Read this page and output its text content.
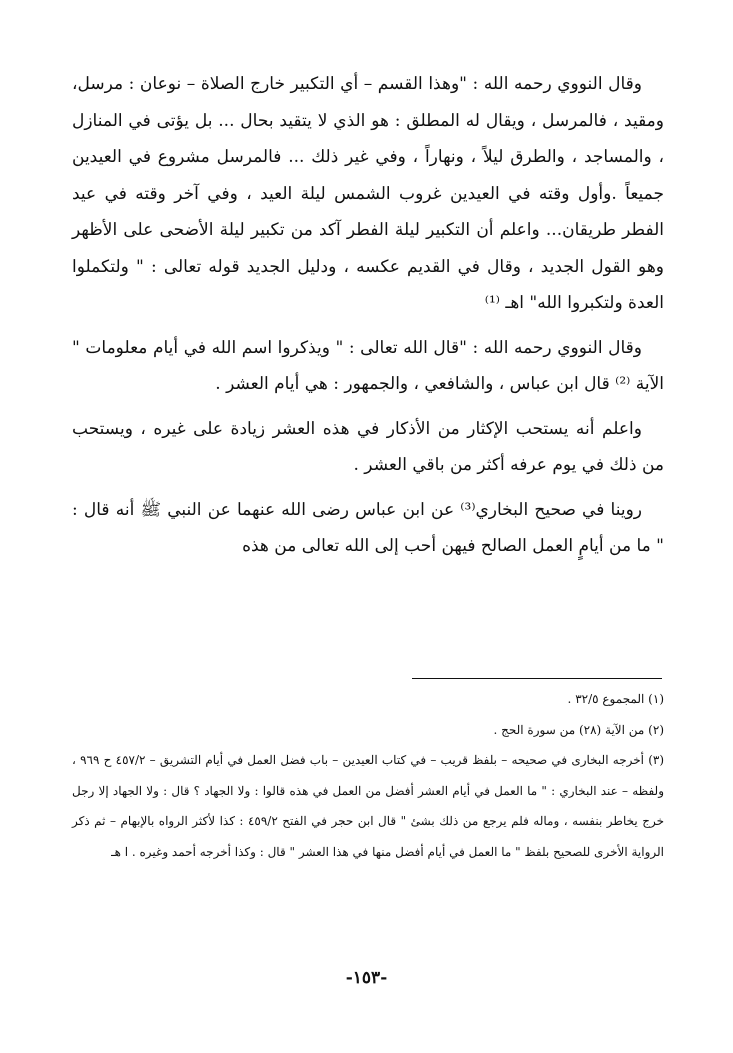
وقال النووي رحمه الله : "وهذا القسم – أي التكبير خارج الصلاة – نوعان : مرسل، ومقيد ، فالمرسل ، ويقال له المطلق : هو الذي لا يتقيد بحال ... بل يؤتى في المنازل ، والمساجد ، والطرق ليلاً ، ونهاراً ، وفي غير ذلك ... فالمرسل مشروع في العيدين جميعاً .وأول وقته في العيدين غروب الشمس ليلة العيد ، وفي آخر وقته في عيد الفطر طريقان... واعلم أن التكبير ليلة الفطر آكد من تكبير ليلة الأضحى على الأظهر وهو القول الجديد ، وقال في القديم عكسه ، ودليل الجديد قوله تعالى : " ولتكملوا العدة ولتكبروا الله" اهـ ⁽¹⁾

وقال النووي رحمه الله : "قال الله تعالى : " ويذكروا اسم الله في أيام معلومات " الآية ⁽²⁾ قال ابن عباس ، والشافعي ، والجمهور : هي أيام العشر .

واعلم أنه يستحب الإكثار من الأذكار في هذه العشر زيادة على غيره ، ويستحب من ذلك في يوم عرفه أكثر من باقي العشر .

روينا في صحيح البخاري⁽³⁾ عن ابن عباس رضى الله عنهما عن النبي ﷺ أنه قال : " ما من أيامٍ العمل الصالح فيهن أحب إلى الله تعالى من هذه

(١) المجموع ٣٢/٥ .

(٢) من الآية (٢٨) من سورة الحج .

(٣) أخرجه البخارى في صحيحه – بلفظ قريب – في كتاب العيدين – باب فضل العمل في أيام التشريق – ٤٥٧/٢ ح ٩٦٩ ، ولفظه – عند البخاري : " ما العمل في أيام العشر أفضل من العمل في هذه قالوا : ولا الجهاد ؟ قال : ولا الجهاد إلا رجل خرج يخاطر بنفسه ، وماله فلم يرجع من ذلك بشئ " قال ابن حجر في الفتح ٤٥٩/٢ : كذا لأكثر الرواه بالإبهام – ثم ذكر الرواية الأخرى للصحيح بلفظ " ما العمل في أيام أفضل منها في هذا العشر " قال : وكذا أخرجه أحمد وغيره . ا هـ

-١٥٣-
